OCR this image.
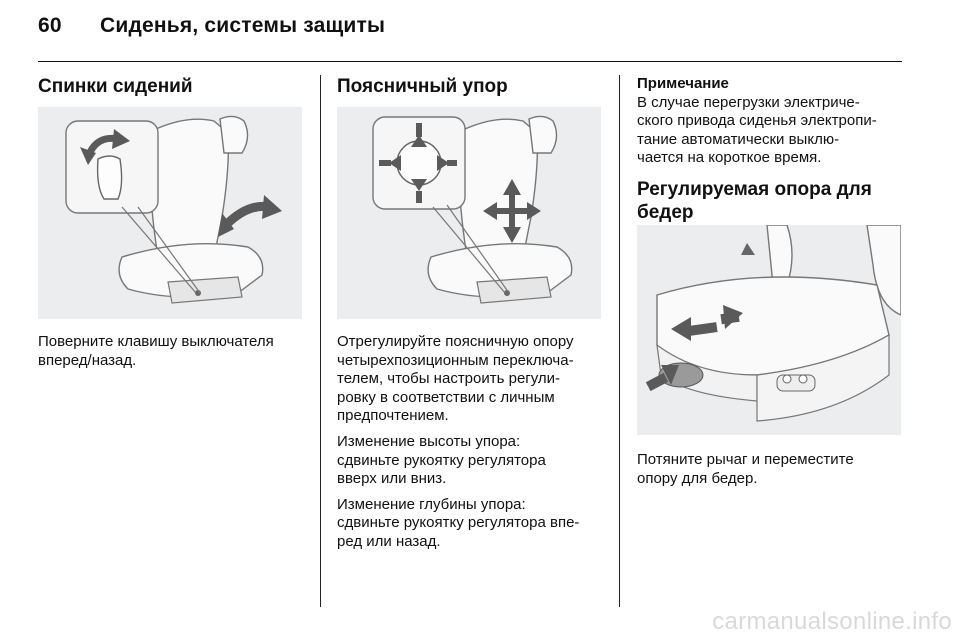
60 Сиденья, системы защиты
Спинки сидений

Поверните клавишу выключателя
вперед/назад.

Поясничный упор

Отрегулируйте поясничную опору
четырехпозиционным переключа-
телем, чтобы настроить регули-
ровку в соответствии с личным
предпочтением.

Изменение высоты упора:
сдвиньте рукоятку регулятора
вверх или вниз.

Изменение глубины упора:
сдвиньте рукоятку регулятора впе-
ред или назад.

Примечание

В случае перегрузки электриче-
ского привода сиденья электропи-
тание автоматически выклю-
чается на короткое время.

Регулируемая опора для
бедер

Потяните рычаг и переместите
опору для бедер.

carmanualsonline.info
